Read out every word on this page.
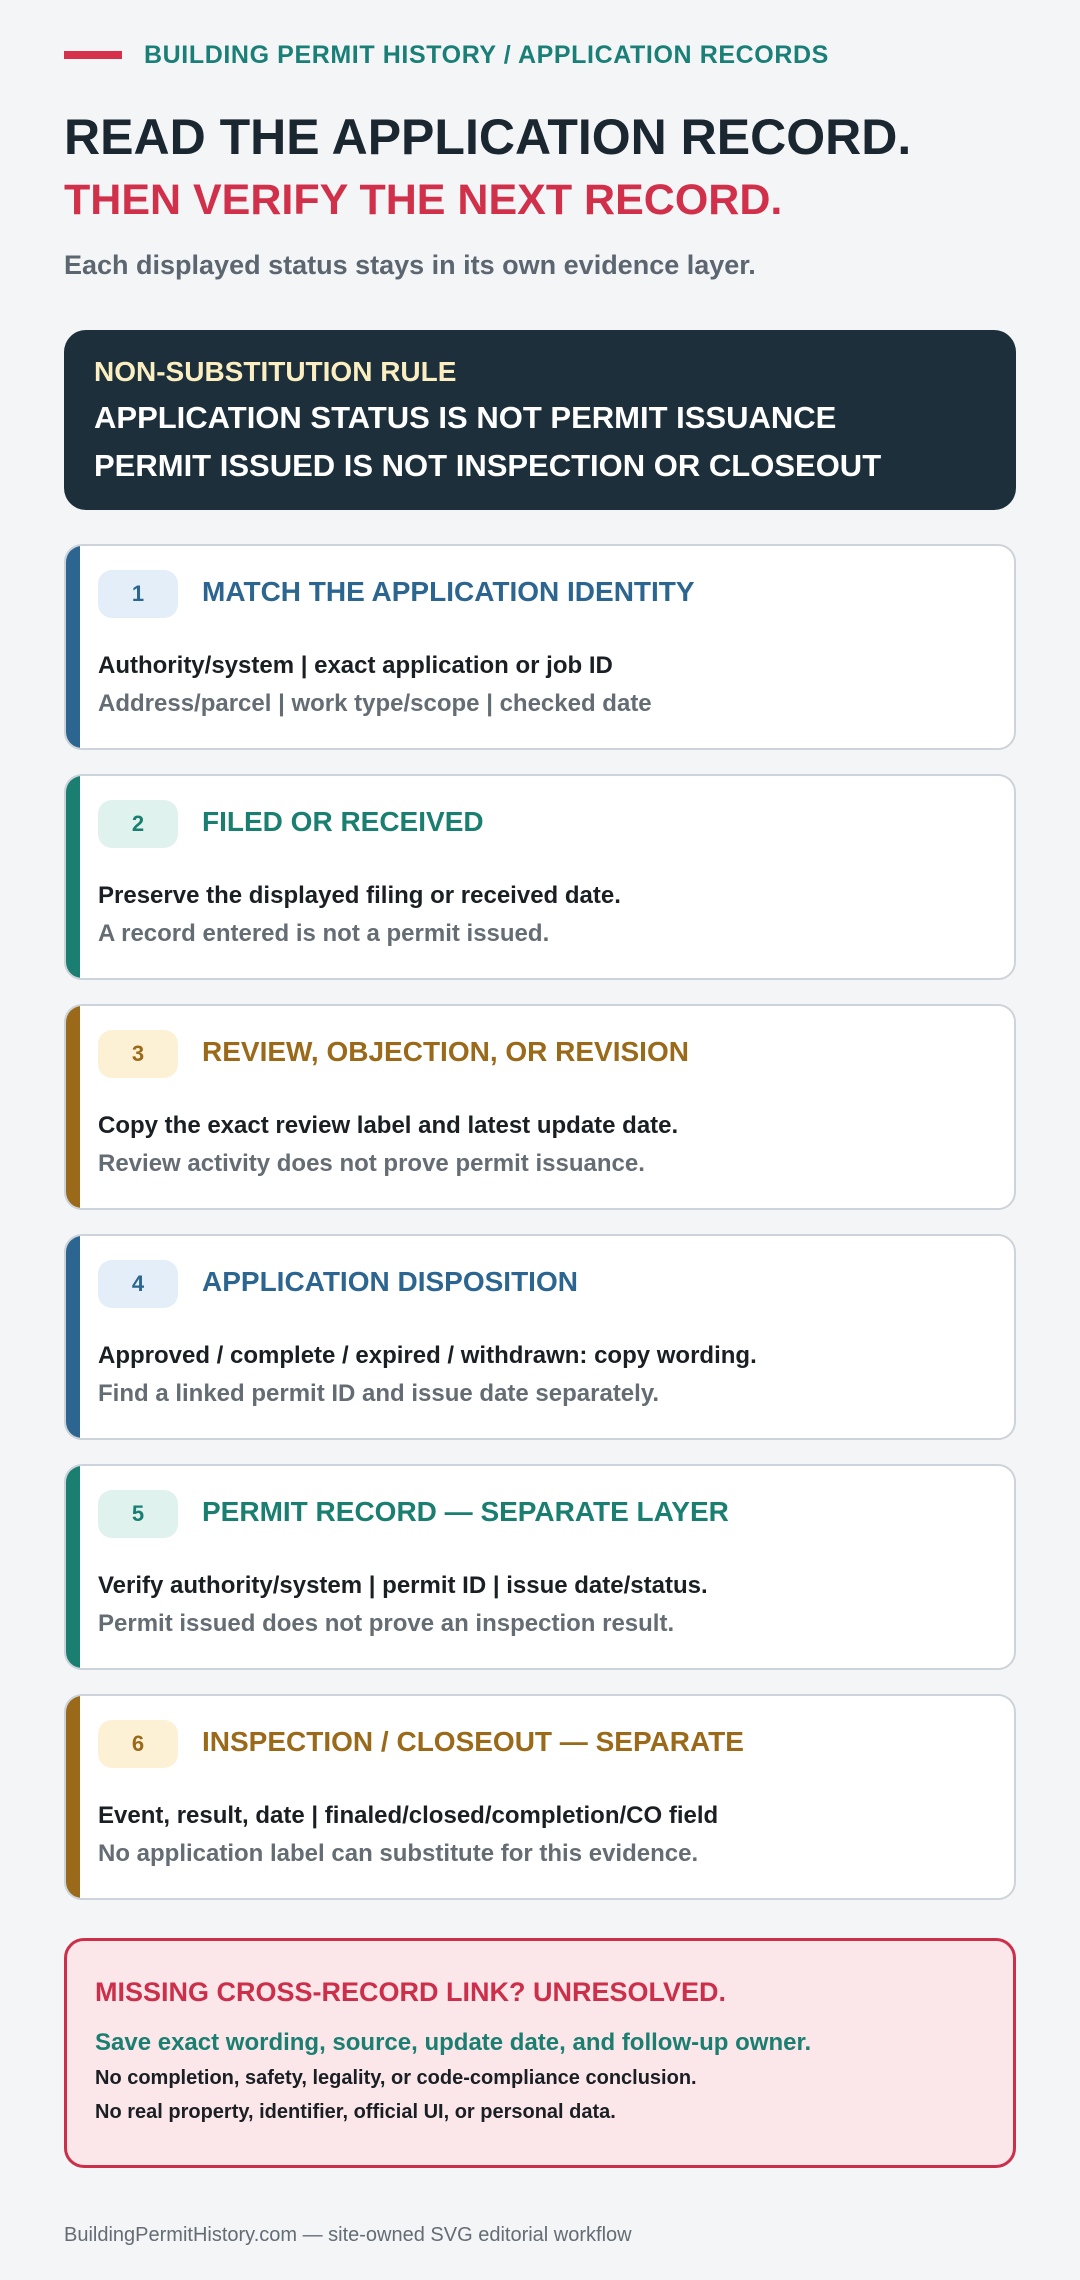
BUILDING PERMIT HISTORY / APPLICATION RECORDS
READ THE APPLICATION RECORD.
THEN VERIFY THE NEXT RECORD.
Each displayed status stays in its own evidence layer.
NON-SUBSTITUTION RULE
APPLICATION STATUS IS NOT PERMIT ISSUANCE
PERMIT ISSUED IS NOT INSPECTION OR CLOSEOUT
1	MATCH THE APPLICATION IDENTITY
Authority/system | exact application or job ID
Address/parcel | work type/scope | checked date
2	FILED OR RECEIVED
Preserve the displayed filing or received date.
A record entered is not a permit issued.
3	REVIEW, OBJECTION, OR REVISION
Copy the exact review label and latest update date.
Review activity does not prove permit issuance.
4	APPLICATION DISPOSITION
Approved / complete / expired / withdrawn: copy wording.
Find a linked permit ID and issue date separately.
5	PERMIT RECORD — SEPARATE LAYER
Verify authority/system | permit ID | issue date/status.
Permit issued does not prove an inspection result.
6	INSPECTION / CLOSEOUT — SEPARATE
Event, result, date | finaled/closed/completion/CO field
No application label can substitute for this evidence.
MISSING CROSS-RECORD LINK? UNRESOLVED.
Save exact wording, source, update date, and follow-up owner.
No completion, safety, legality, or code-compliance conclusion.
No real property, identifier, official UI, or personal data.
BuildingPermitHistory.com — site-owned SVG editorial workflow
